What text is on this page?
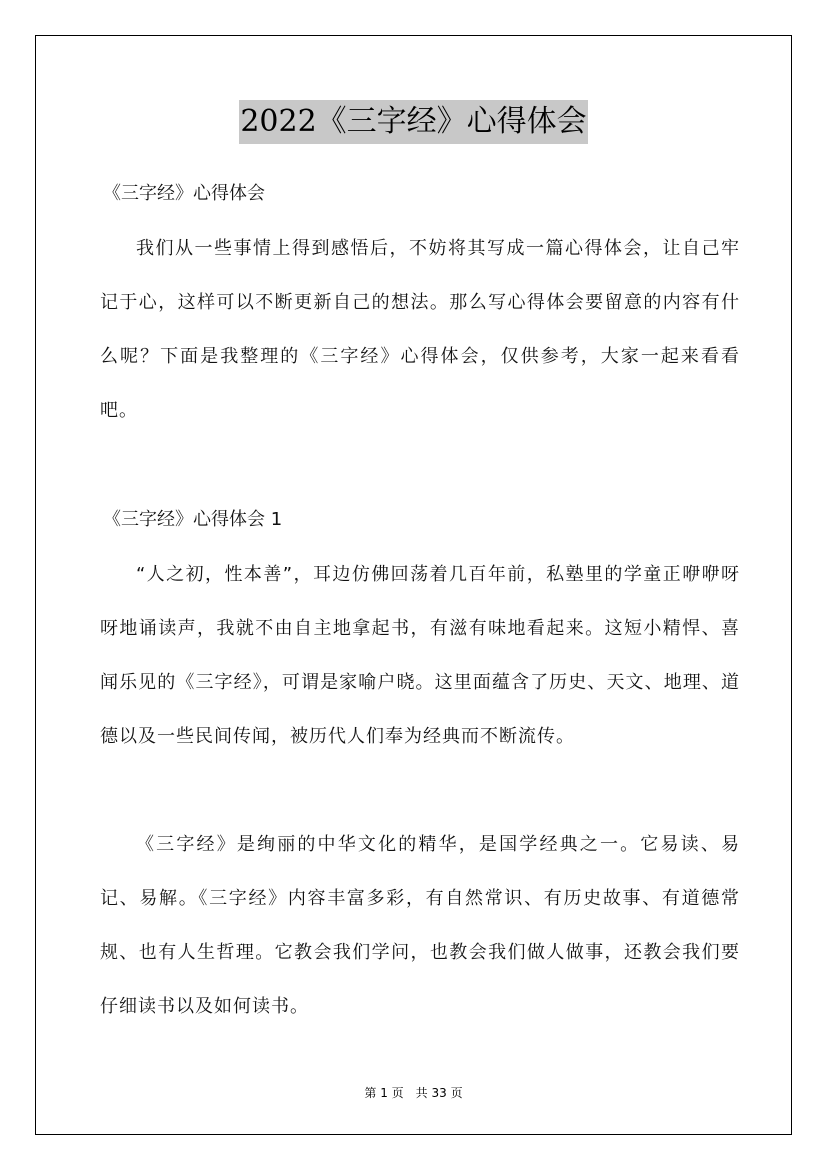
2022《三字经》心得体会
《三字经》心得体会

我们从一些事情上得到感悟后，不妨将其写成一篇心得体会，让自己牢记于心，这样可以不断更新自己的想法。那么写心得体会要留意的内容有什么呢？下面是我整理的《三字经》心得体会，仅供参考，大家一起来看看吧。

《三字经》心得体会 1

“人之初，性本善”，耳边仿佛回荡着几百年前，私塾里的学童正咿咿呀呀地诵读声，我就不由自主地拿起书，有滋有味地看起来。这短小精悍、喜闻乐见的《三字经》，可谓是家喻户晓。这里面蕴含了历史、天文、地理、道德以及一些民间传闻，被历代人们奉为经典而不断流传。

《三字经》是绚丽的中华文化的精华，是国学经典之一。它易读、易记、易解。《三字经》内容丰富多彩，有自然常识、有历史故事、有道德常规、也有人生哲理。它教会我们学问，也教会我们做人做事，还教会我们要仔细读书以及如何读书。

第 1 页　共 33 页
